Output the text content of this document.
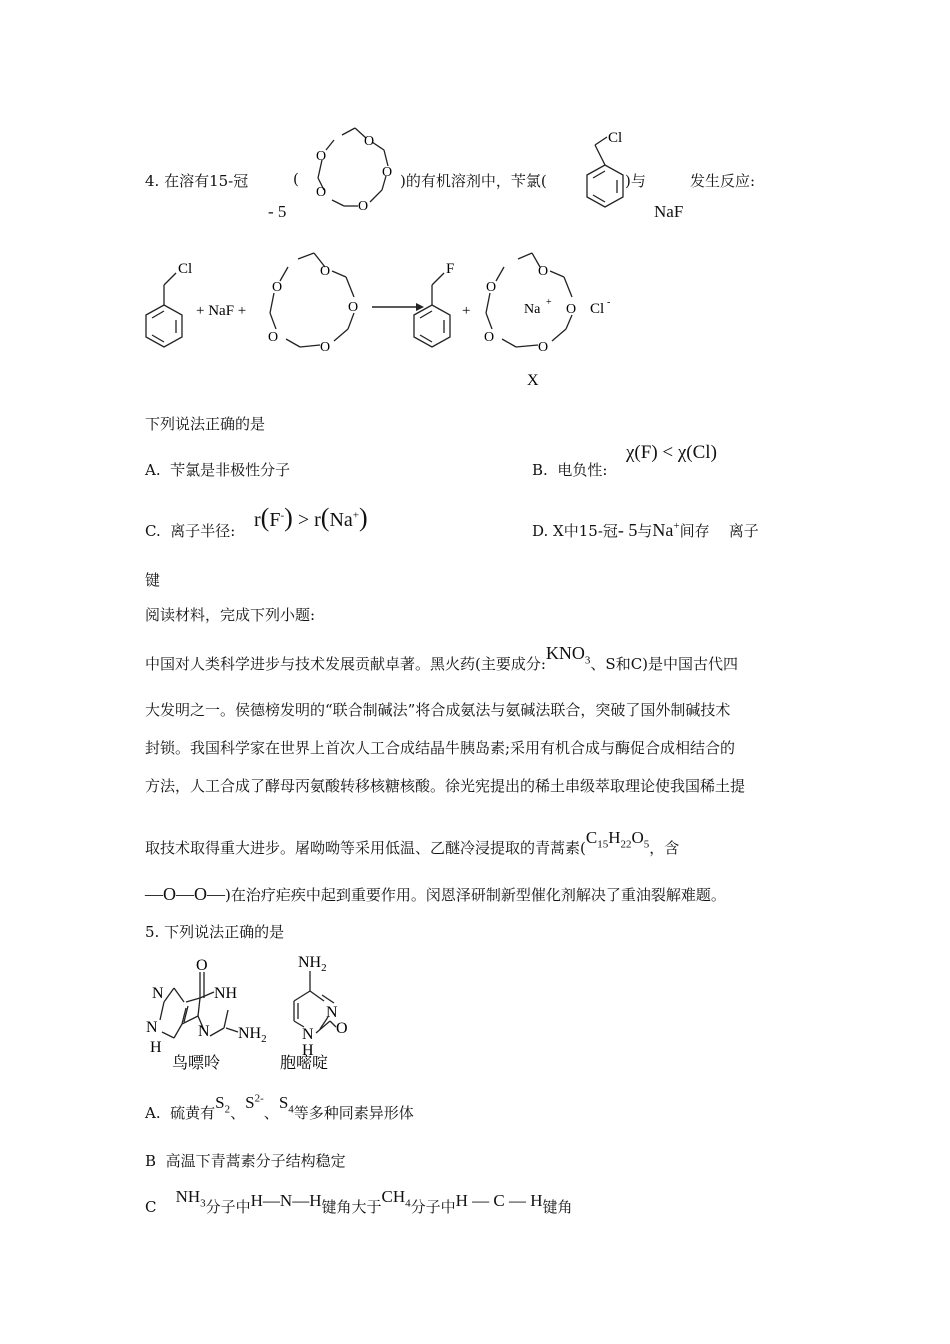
4. 在溶有15-冠
- 5
(
O
O
O
O
O
)的有机溶剂中，苄氯(
Cl
)与	发生反应:
NaF
Cl
+ NaF +
O
O
O
O
O
F
+
O
O
O
O
O
Na +	Cl -
X
下列说法正确的是
A. 苄氯是非极性分子	B. 电负性:
χ(F) < χ(Cl)
C. 离子半径: r(F-) > r(Na+)	D. X中15-冠- 5与Na+间存 离子
键
阅读材料，完成下列小题:
中国对人类科学进步与技术发展贡献卓著。黑火药(主要成分$:KNO_3$、S和C)是中国古代四
大发明之一。侯德榜发明的“联合制碱法”将合成氨法与氨碱法联合，突破了国外制碱技术
封锁。我国科学家在世界上首次人工合成结晶牛胰岛素;采用有机合成与酶促合成相结合的
方法，人工合成了酵母丙氨酸转移核糖核酸。徐光宪提出的稀土串级萃取理论使我国稀土提
取技术取得重大进步。屠呦呦等采用低温、乙醚冷浸提取的青蒿素($C_{15}H_{22}O_5$，含
—O—O—)在治疗疟疾中起到重要作用。闵恩泽研制新型催化剂解决了重油裂解难题。
5. 下列说法正确的是
O
N	NH
N $NH_2$
N
H
鸟嘌呤
$NH_2$
N
N
H
O
胞嘧啶
A. 硫黄有$S_2$、$S^{2-}$、$S_4$等多种同素异形体
B 高温下青蒿素分子结构稳定
C    $NH_3$分子中H—N—H键角大于$CH_4$分子中H — C — H键角
